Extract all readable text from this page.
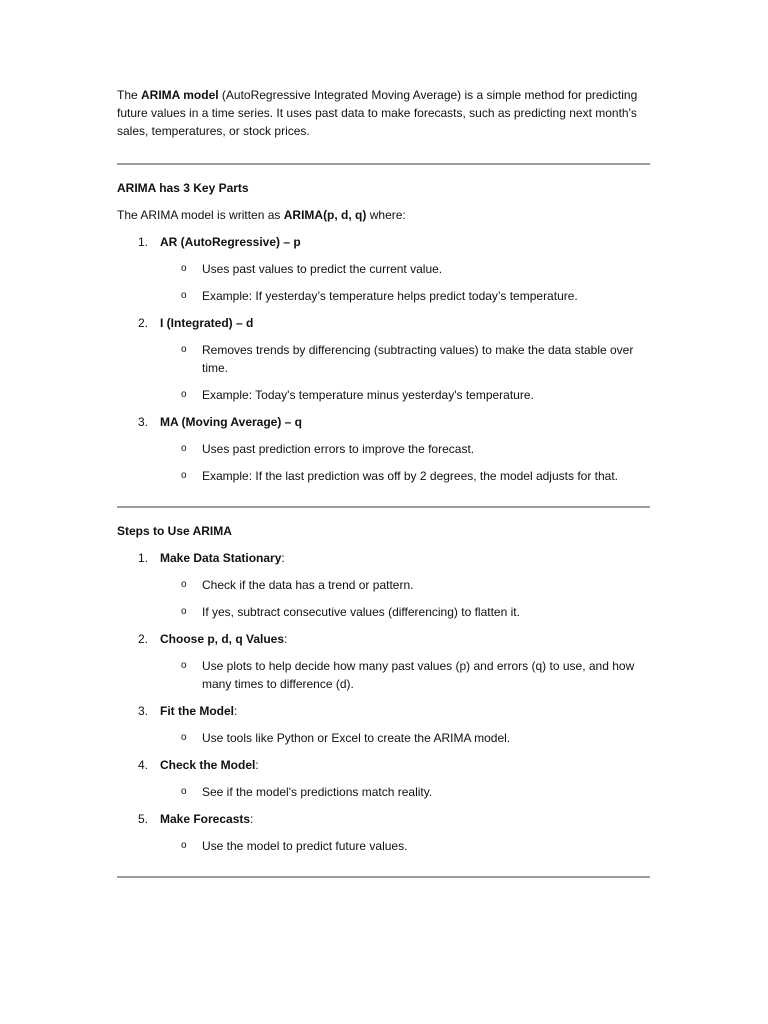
The ARIMA model (AutoRegressive Integrated Moving Average) is a simple method for predicting future values in a time series. It uses past data to make forecasts, such as predicting next month's sales, temperatures, or stock prices.

ARIMA has 3 Key Parts
The ARIMA model is written as ARIMA(p, d, q) where:
1. AR (AutoRegressive) – p
o Uses past values to predict the current value.
o Example: If yesterday’s temperature helps predict today’s temperature.
2. I (Integrated) – d
o Removes trends by differencing (subtracting values) to make the data stable over time.
o Example: Today's temperature minus yesterday's temperature.
3. MA (Moving Average) – q
o Uses past prediction errors to improve the forecast.
o Example: If the last prediction was off by 2 degrees, the model adjusts for that.
Steps to Use ARIMA
1. Make Data Stationary:
o Check if the data has a trend or pattern.
o If yes, subtract consecutive values (differencing) to flatten it.
2. Choose p, d, q Values:
o Use plots to help decide how many past values (p) and errors (q) to use, and how many times to difference (d).
3. Fit the Model:
o Use tools like Python or Excel to create the ARIMA model.
4. Check the Model:
o See if the model's predictions match reality.
5. Make Forecasts:
o Use the model to predict future values.
